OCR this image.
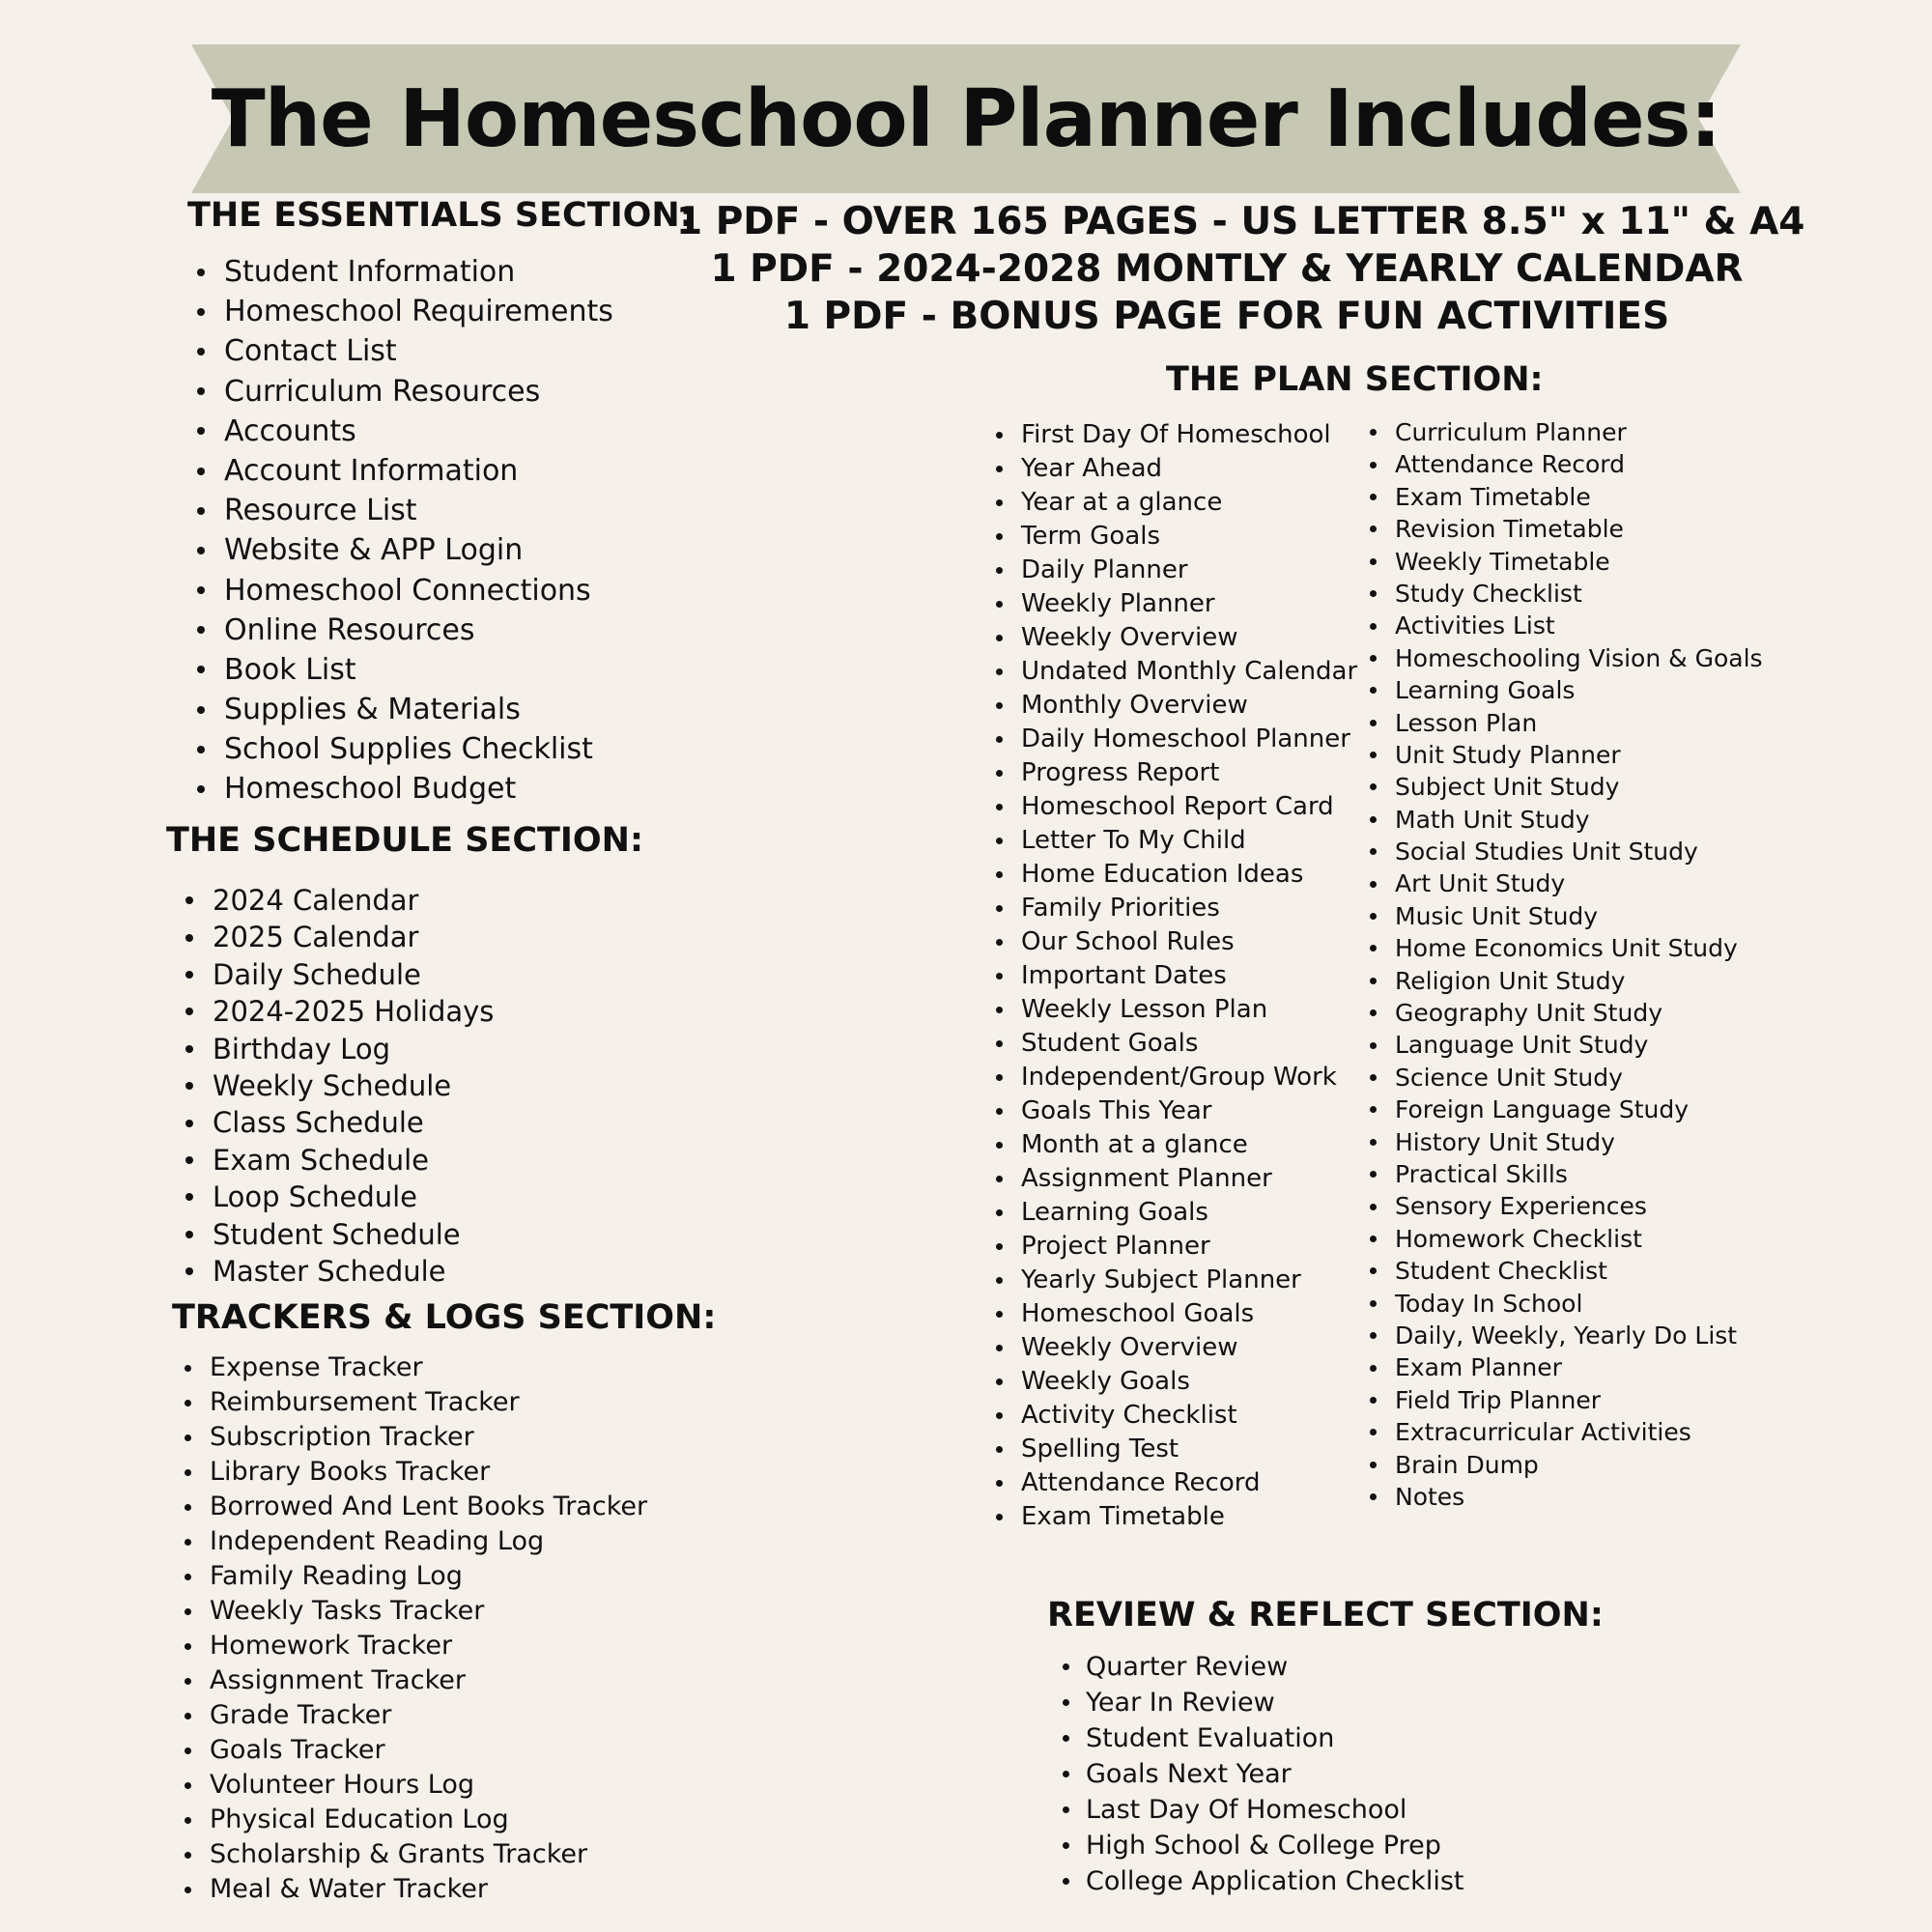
The Homeschool Planner Includes:
1 PDF - OVER 165 PAGES - US LETTER 8.5" x 11" & A4
1 PDF - 2024-2028 MONTLY & YEARLY CALENDAR
1 PDF - BONUS PAGE FOR FUN ACTIVITIES
THE ESSENTIALS SECTION:
Student Information
Homeschool Requirements
Contact List
Curriculum Resources
Accounts
Account Information
Resource List
Website & APP Login
Homeschool Connections
Online Resources
Book List
Supplies & Materials
School Supplies Checklist
Homeschool Budget
THE SCHEDULE SECTION:
2024 Calendar
2025 Calendar
Daily Schedule
2024-2025 Holidays
Birthday Log
Weekly Schedule
Class Schedule
Exam Schedule
Loop Schedule
Student Schedule
Master Schedule
TRACKERS & LOGS SECTION:
Expense Tracker
Reimbursement Tracker
Subscription Tracker
Library Books Tracker
Borrowed And Lent Books Tracker
Independent Reading Log
Family Reading Log
Weekly Tasks Tracker
Homework Tracker
Assignment Tracker
Grade Tracker
Goals Tracker
Volunteer Hours Log
Physical Education Log
Scholarship & Grants Tracker
Meal & Water Tracker
THE PLAN SECTION:
First Day Of Homeschool
Year Ahead
Year at a glance
Term Goals
Daily Planner
Weekly Planner
Weekly Overview
Undated Monthly Calendar
Monthly Overview
Daily Homeschool Planner
Progress Report
Homeschool Report Card
Letter To My Child
Home Education Ideas
Family Priorities
Our School Rules
Important Dates
Weekly Lesson Plan
Student Goals
Independent/Group Work
Goals This Year
Month at a glance
Assignment Planner
Learning Goals
Project Planner
Yearly Subject Planner
Homeschool Goals
Weekly Overview
Weekly Goals
Activity Checklist
Spelling Test
Attendance Record
Exam Timetable
Curriculum Planner
Attendance Record
Exam Timetable
Revision Timetable
Weekly Timetable
Study Checklist
Activities List
Homeschooling Vision & Goals
Learning Goals
Lesson Plan
Unit Study Planner
Subject Unit Study
Math Unit Study
Social Studies Unit Study
Art Unit Study
Music Unit Study
Home Economics Unit Study
Religion Unit Study
Geography Unit Study
Language Unit Study
Science Unit Study
Foreign Language Study
History Unit Study
Practical Skills
Sensory Experiences
Homework Checklist
Student Checklist
Today In School
Daily, Weekly, Yearly Do List
Exam Planner
Field Trip Planner
Extracurricular Activities
Brain Dump
Notes
REVIEW & REFLECT SECTION:
Quarter Review
Year In Review
Student Evaluation
Goals Next Year
Last Day Of Homeschool
High School & College Prep
College Application Checklist
